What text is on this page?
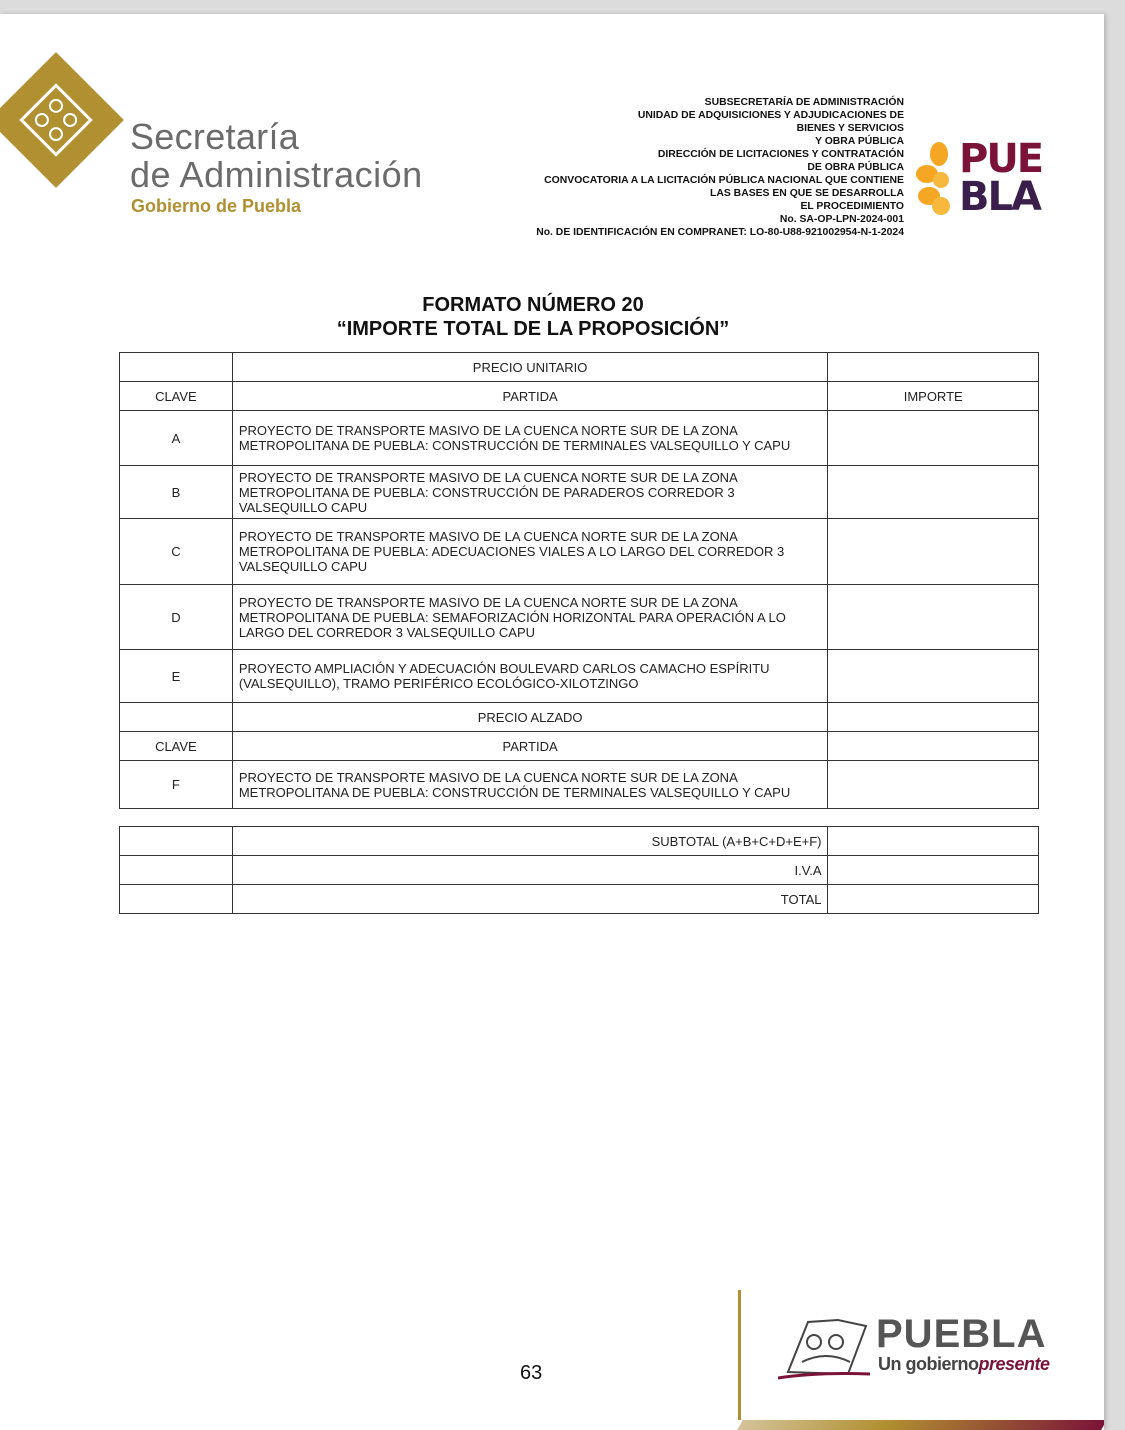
Secretaría
de Administración
Gobierno de Puebla
SUBSECRETARÍA DE ADMINISTRACIÓN
UNIDAD DE ADQUISICIONES Y ADJUDICACIONES DE
BIENES Y SERVICIOS
Y OBRA PÚBLICA
DIRECCIÓN DE LICITACIONES Y CONTRATACIÓN
DE OBRA PÚBLICA
CONVOCATORIA A LA LICITACIÓN PÚBLICA NACIONAL QUE CONTIENE
LAS BASES EN QUE SE DESARROLLA
EL PROCEDIMIENTO
No. SA-OP-LPN-2024-001
No. DE IDENTIFICACIÓN EN COMPRANET: LO-80-U88-921002954-N-1-2024
PUE
BLA
FORMATO NÚMERO 20
“IMPORTE TOTAL DE LA PROPOSICIÓN”
	PRECIO UNITARIO	
CLAVE	PARTIDA	IMPORTE
A	PROYECTO DE TRANSPORTE MASIVO DE LA CUENCA NORTE SUR DE LA ZONA METROPOLITANA DE PUEBLA: CONSTRUCCIÓN DE TERMINALES VALSEQUILLO Y CAPU	
B	PROYECTO DE TRANSPORTE MASIVO DE LA CUENCA NORTE SUR DE LA ZONA METROPOLITANA DE PUEBLA: CONSTRUCCIÓN DE PARADEROS CORREDOR 3 VALSEQUILLO CAPU	
C	PROYECTO DE TRANSPORTE MASIVO DE LA CUENCA NORTE SUR DE LA ZONA METROPOLITANA DE PUEBLA: ADECUACIONES VIALES A LO LARGO DEL CORREDOR 3 VALSEQUILLO CAPU	
D	PROYECTO DE TRANSPORTE MASIVO DE LA CUENCA NORTE SUR DE LA ZONA METROPOLITANA DE PUEBLA: SEMAFORIZACIÓN HORIZONTAL PARA OPERACIÓN A LO LARGO DEL CORREDOR 3 VALSEQUILLO CAPU	
E	PROYECTO AMPLIACIÓN Y ADECUACIÓN BOULEVARD CARLOS CAMACHO ESPÍRITU (VALSEQUILLO), TRAMO PERIFÉRICO ECOLÓGICO-XILOTZINGO	
	PRECIO ALZADO	
CLAVE	PARTIDA	
F	PROYECTO DE TRANSPORTE MASIVO DE LA CUENCA NORTE SUR DE LA ZONA METROPOLITANA DE PUEBLA: CONSTRUCCIÓN DE TERMINALES VALSEQUILLO Y CAPU	
	SUBTOTAL (A+B+C+D+E+F)	
	I.V.A	
	TOTAL	
63
PUEBLA
Un gobiernopresente
